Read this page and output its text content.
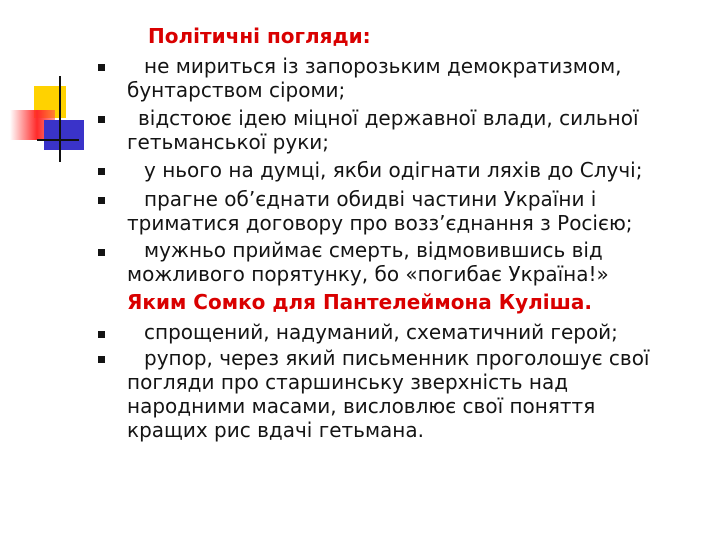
Політичні погляди:
не мириться із запорозьким демократизмом,
бунтарством сіроми;
відстоює ідею міцної державної влади, сильної
гетьманської руки;
у нього на думці, якби одігнати ляхів до Случі;
прагне об’єднати обидві частини України і
триматися договору про возз’єднання з Росією;
мужньо приймає смерть, відмовившись від
можливого порятунку, бо «погибає Україна!»
Яким Сомко для Пантелеймона Куліша.
спрощений, надуманий, схематичний герой;
рупор, через який письменник проголошує свої
погляди про старшинську зверхність над
народними масами, висловлює свої поняття
кращих рис вдачі гетьмана.
